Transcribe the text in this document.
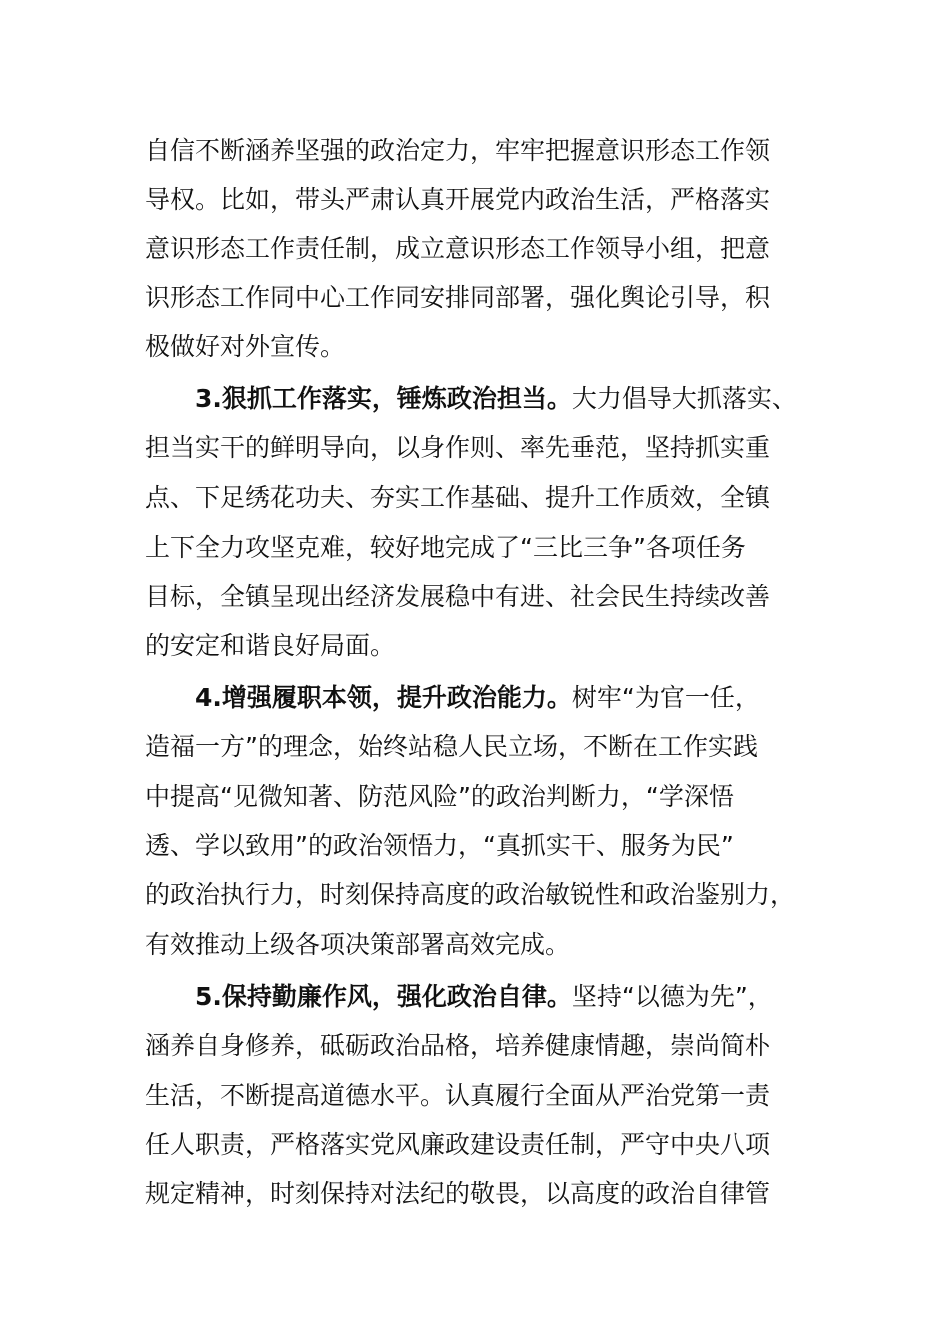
自信不断涵养坚强的政治定力，牢牢把握意识形态工作领
导权。比如，带头严肃认真开展党内政治生活，严格落实
意识形态工作责任制，成立意识形态工作领导小组，把意
识形态工作同中心工作同安排同部署，强化舆论引导，积
极做好对外宣传。
3.狠抓工作落实，锤炼政治担当。大力倡导大抓落实、
担当实干的鲜明导向，以身作则、率先垂范，坚持抓实重
点、下足绣花功夫、夯实工作基础、提升工作质效，全镇
上下全力攻坚克难，较好地完成了“三比三争”各项任务
目标，全镇呈现出经济发展稳中有进、社会民生持续改善
的安定和谐良好局面。
4.增强履职本领，提升政治能力。树牢“为官一任，
造福一方”的理念，始终站稳人民立场，不断在工作实践
中提高“见微知著、防范风险”的政治判断力，“学深悟
透、学以致用”的政治领悟力，“真抓实干、服务为民”
的政治执行力，时刻保持高度的政治敏锐性和政治鉴别力，
有效推动上级各项决策部署高效完成。
5.保持勤廉作风，强化政治自律。坚持“以德为先”，
涵养自身修养，砥砺政治品格，培养健康情趣，崇尚简朴
生活，不断提高道德水平。认真履行全面从严治党第一责
任人职责，严格落实党风廉政建设责任制，严守中央八项
规定精神，时刻保持对法纪的敬畏，以高度的政治自律管
